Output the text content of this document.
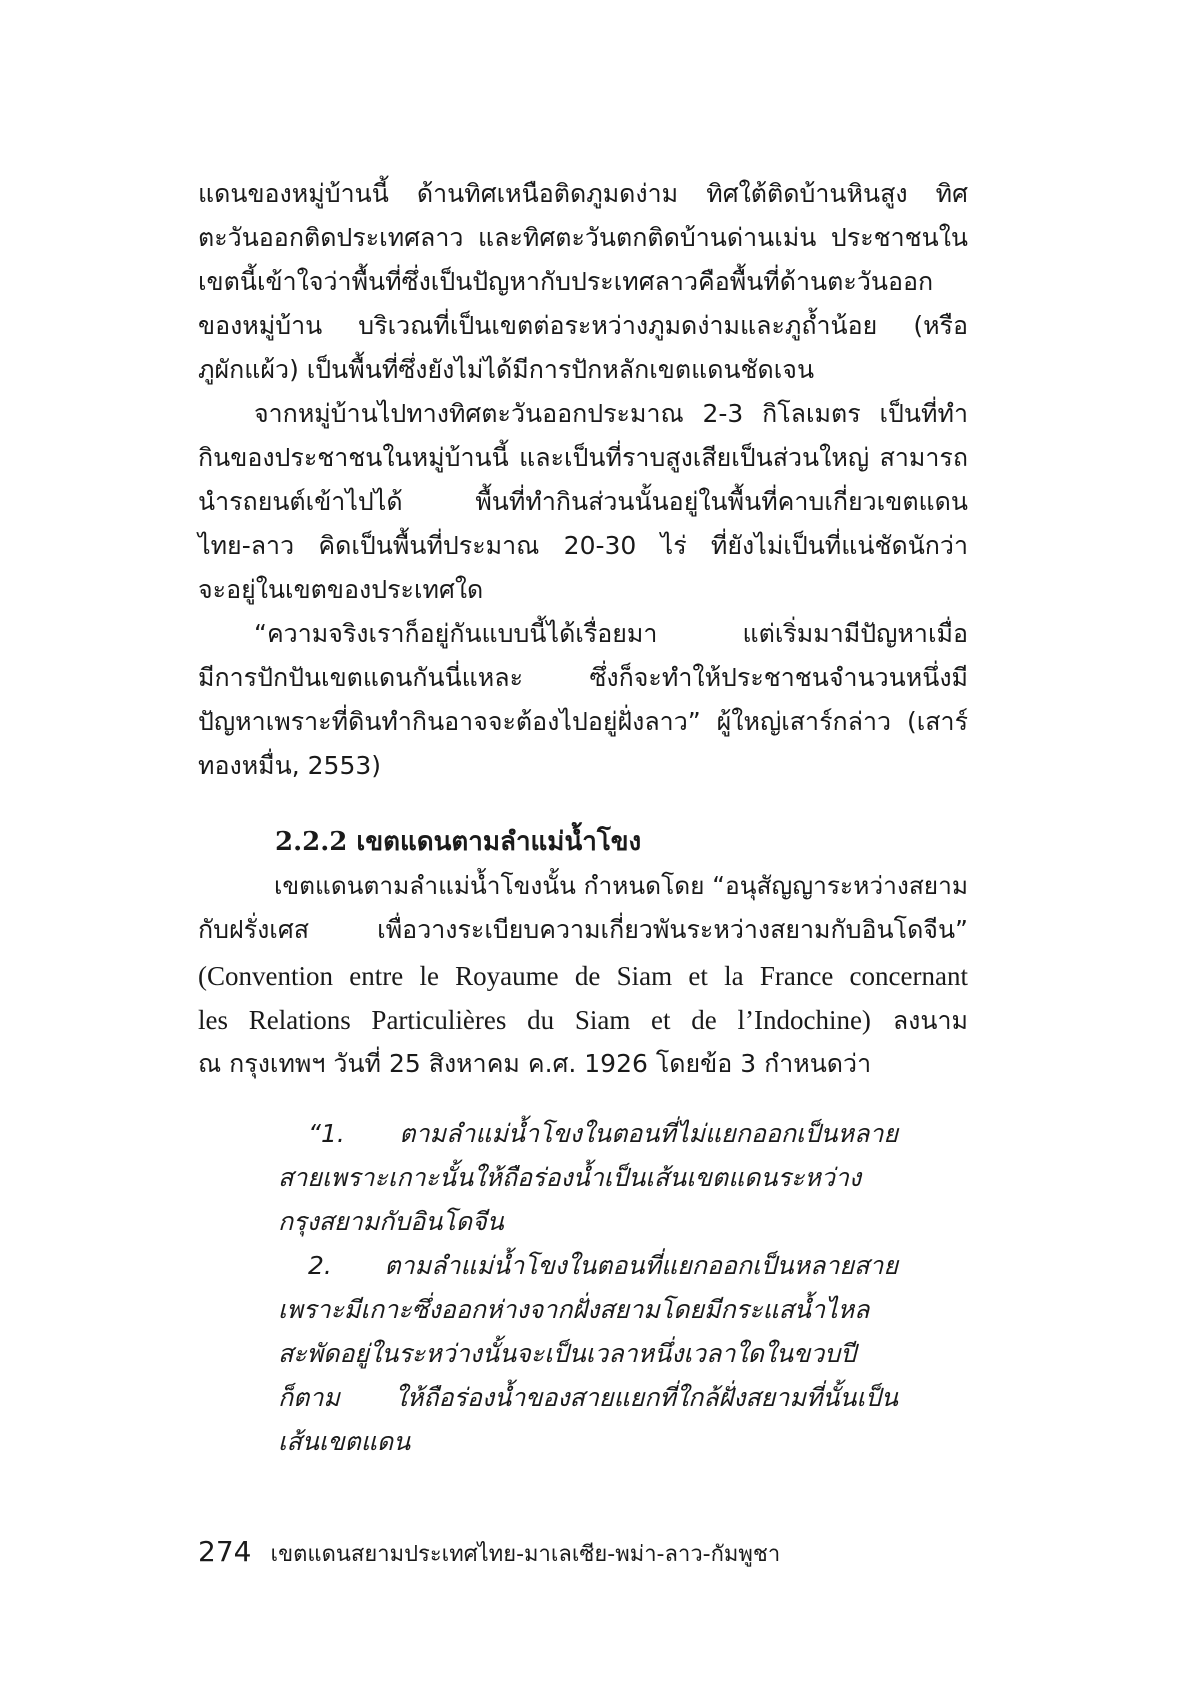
แดนของหมู่บ้านนี้ ด้านทิศเหนือติดภูมดง่าม ทิศใต้ติดบ้านหินสูง ทิศ
ตะวันออกติดประเทศลาว และทิศตะวันตกติดบ้านด่านเม่น ประชาชนใน
เขตนี้เข้าใจว่าพื้นที่ซึ่งเป็นปัญหากับประเทศลาวคือพื้นที่ด้านตะวันออก
ของหมู่บ้าน บริเวณที่เป็นเขตต่อระหว่างภูมดง่ามและภูถ้ำน้อย (หรือ
ภูผักแผ้ว) เป็นพื้นที่ซึ่งยังไม่ได้มีการปักหลักเขตแดนชัดเจน
จากหมู่บ้านไปทางทิศตะวันออกประมาณ 2-3 กิโลเมตร เป็นที่ทำ
กินของประชาชนในหมู่บ้านนี้ และเป็นที่ราบสูงเสียเป็นส่วนใหญ่ สามารถ
นำรถยนต์เข้าไปได้ พื้นที่ทำกินส่วนนั้นอยู่ในพื้นที่คาบเกี่ยวเขตแดน
ไทย-ลาว คิดเป็นพื้นที่ประมาณ 20-30 ไร่ ที่ยังไม่เป็นที่แน่ชัดนักว่า
จะอยู่ในเขตของประเทศใด
“ความจริงเราก็อยู่กันแบบนี้ได้เรื่อยมา แต่เริ่มมามีปัญหาเมื่อ
มีการปักปันเขตแดนกันนี่แหละ ซึ่งก็จะทำให้ประชาชนจำนวนหนึ่งมี
ปัญหาเพราะที่ดินทำกินอาจจะต้องไปอยู่ฝั่งลาว” ผู้ใหญ่เสาร์กล่าว (เสาร์
ทองหมื่น, 2553)
2.2.2 เขตแดนตามลำแม่น้ำโขง
เขตแดนตามลำแม่น้ำโขงนั้น กำหนดโดย “อนุสัญญาระหว่างสยาม
กับฝรั่งเศส เพื่อวางระเบียบความเกี่ยวพันระหว่างสยามกับอินโดจีน”
(Convention entre le Royaume de Siam et la France concernant
les Relations Particulières du Siam et de l’Indochine) ลงนาม
ณ กรุงเทพฯ วันที่ 25 สิงหาคม ค.ศ. 1926 โดยข้อ 3 กำหนดว่า
“1. ตามลำแม่น้ำโขงในตอนที่ไม่แยกออกเป็นหลาย
สายเพราะเกาะนั้นให้ถือร่องน้ำเป็นเส้นเขตแดนระหว่าง
กรุงสยามกับอินโดจีน
2. ตามลำแม่น้ำโขงในตอนที่แยกออกเป็นหลายสาย
เพราะมีเกาะซึ่งออกห่างจากฝั่งสยามโดยมีกระแสน้ำไหล
สะพัดอยู่ในระหว่างนั้นจะเป็นเวลาหนึ่งเวลาใดในขวบปี
ก็ตาม ให้ถือร่องน้ำของสายแยกที่ใกล้ฝั่งสยามที่นั้นเป็น
เส้นเขตแดน
274 เขตแดนสยามประเทศไทย-มาเลเซีย-พม่า-ลาว-กัมพูชา
